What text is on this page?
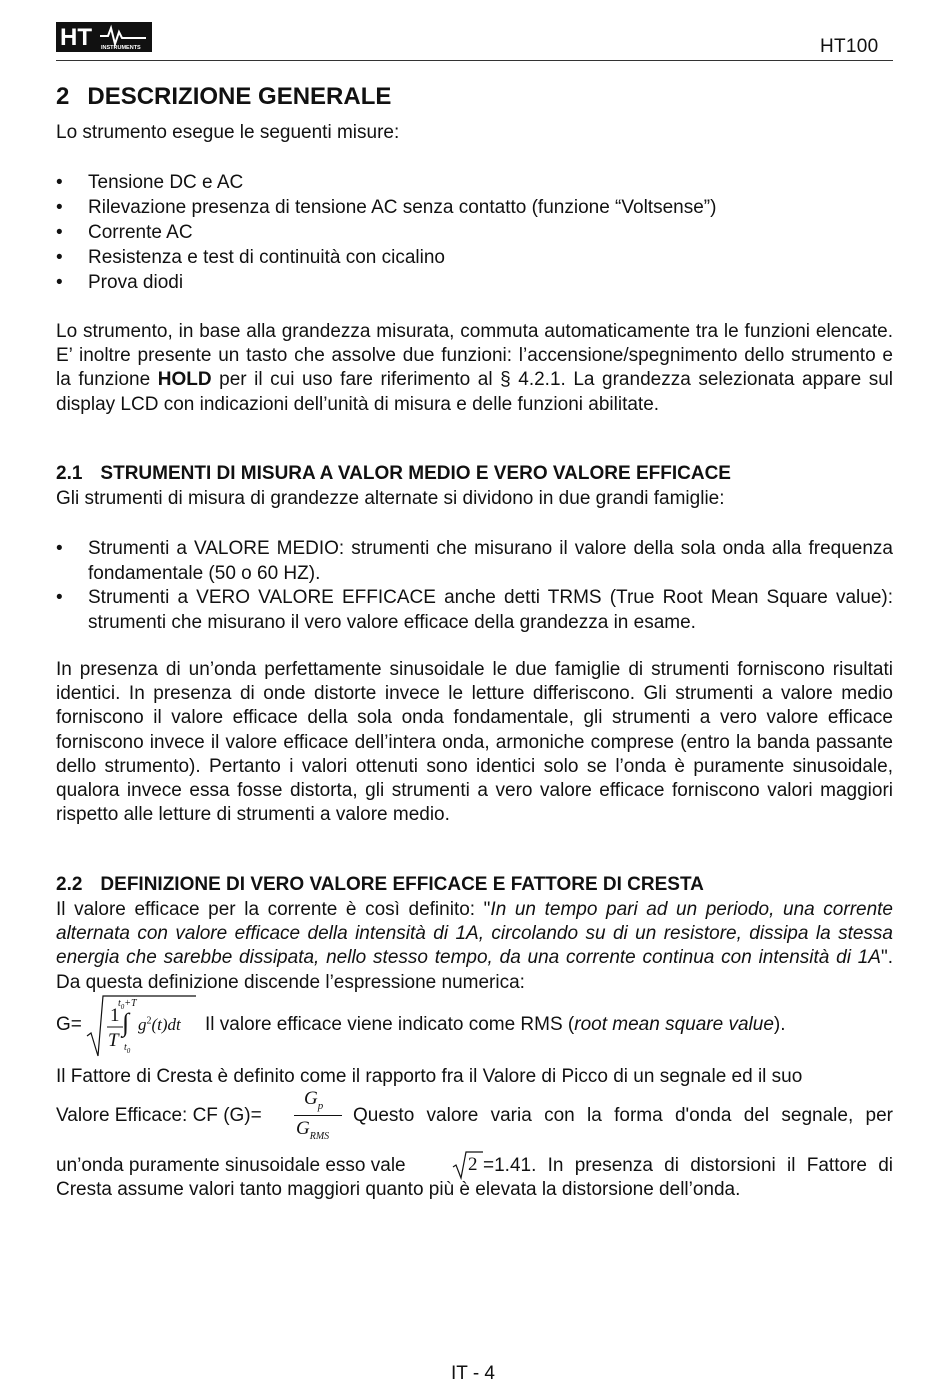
HT INSTRUMENTS	HT100
2 DESCRIZIONE GENERALE
Lo strumento esegue le seguenti misure:
• Tensione DC e AC
• Rilevazione presenza di tensione AC senza contatto (funzione “Voltsense”)
• Corrente AC
• Resistenza e test di continuità con cicalino
• Prova diodi
Lo strumento, in base alla grandezza misurata, commuta automaticamente tra le funzioni elencate. E’ inoltre presente un tasto che assolve due funzioni: l’accensione/spegnimento dello strumento e la funzione HOLD per il cui uso fare riferimento al § 4.2.1. La grandezza selezionata appare sul display LCD con indicazioni dell’unità di misura e delle funzioni abilitate.
2.1 STRUMENTI DI MISURA A VALOR MEDIO E VERO VALORE EFFICACE
Gli strumenti di misura di grandezze alternate si dividono in due grandi famiglie:
• Strumenti a VALORE MEDIO: strumenti che misurano il valore della sola onda alla frequenza fondamentale (50 o 60 HZ).
• Strumenti a VERO VALORE EFFICACE anche detti TRMS (True Root Mean Square value): strumenti che misurano il vero valore efficace della grandezza in esame.
In presenza di un’onda perfettamente sinusoidale le due famiglie di strumenti forniscono risultati identici. In presenza di onde distorte invece le letture differiscono. Gli strumenti a valore medio forniscono il valore efficace della sola onda fondamentale, gli strumenti a vero valore efficace forniscono invece il valore efficace dell’intera onda, armoniche comprese (entro la banda passante dello strumento). Pertanto i valori ottenuti sono identici solo se l’onda è puramente sinusoidale, qualora invece essa fosse distorta, gli strumenti a vero valore efficace forniscono valori maggiori rispetto alle letture di strumenti a valore medio.
2.2 DEFINIZIONE DI VERO VALORE EFFICACE E FATTORE DI CRESTA
Il valore efficace per la corrente è così definito: "In un tempo pari ad un periodo, una corrente alternata con valore efficace della intensità di 1A, circolando su di un resistore, dissipa la stessa energia che sarebbe dissipata, nello stesso tempo, da una corrente continua con intensità di 1A". Da questa definizione discende l’espressione numerica:
G= 1
T
$t_0+T$
∫
$t_0$
$g^2(t)dt$ Il valore efficace viene indicato come RMS (root mean square value).
Il Fattore di Cresta è definito come il rapporto fra il Valore di Picco di un segnale ed il suo
Valore Efficace: CF (G)=
$G_p$
$G_{RMS}$
Questo valore varia con la forma d'onda del segnale, per
un’onda puramente sinusoidale esso vale	2 =1.41. In presenza di distorsioni il Fattore di
Cresta assume valori tanto maggiori quanto più è elevata la distorsione dell’onda.
IT - 4
